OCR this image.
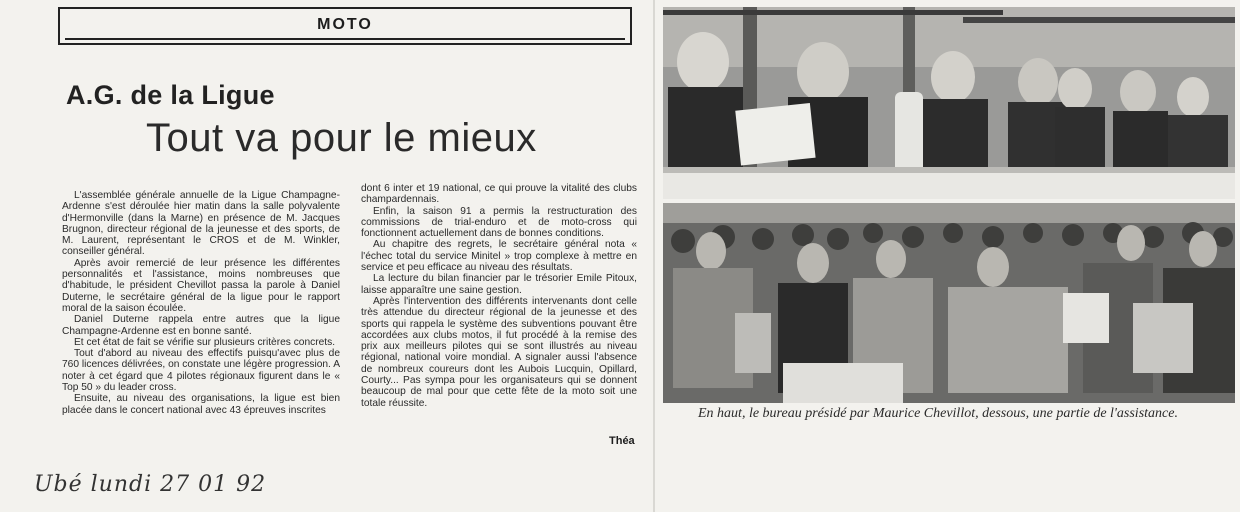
MOTO
A.G. de la Ligue
Tout va pour le mieux

L'assemblée générale annuelle de la Ligue Champagne-Ardenne s'est déroulée hier matin dans la salle polyvalente d'Hermonville (dans la Marne) en présence de M. Jacques Brugnon, directeur régional de la jeunesse et des sports, de M. Laurent, représentant le CROS et de M. Winkler, conseiller général.

Après avoir remercié de leur présence les différentes personnalités et l'assistance, moins nombreuses que d'habitude, le président Chevillot passa la parole à Daniel Duterne, le secrétaire général de la ligue pour le rapport moral de la saison écoulée.

Daniel Duterne rappela entre autres que la ligue Champagne-Ardenne est en bonne santé.

Et cet état de fait se vérifie sur plusieurs critères concrets.

Tout d'abord au niveau des effectifs puisqu'avec plus de 760 licences délivrées, on constate une légère progression. A noter à cet égard que 4 pilotes régionaux figurent dans le « Top 50 » du leader cross.

Ensuite, au niveau des organisations, la ligue est bien placée dans le concert national avec 43 épreuves inscrites

dont 6 inter et 19 national, ce qui prouve la vitalité des clubs champardennais.

Enfin, la saison 91 a permis la restructuration des commissions de trial-enduro et de moto-cross qui fonctionnent actuellement dans de bonnes conditions.

Au chapitre des regrets, le secrétaire général nota « l'échec total du service Minitel » trop complexe à mettre en service et peu efficace au niveau des résultats.

La lecture du bilan financier par le trésorier Emile Pitoux, laisse apparaître une saine gestion.

Après l'intervention des différents intervenants dont celle très attendue du directeur régional de la jeunesse et des sports qui rappela le système des subventions pouvant être accordées aux clubs motos, il fut procédé à la remise des prix aux meilleurs pilotes qui se sont illustrés au niveau régional, national voire mondial. A signaler aussi l'absence de nombreux coureurs dont les Aubois Lucquin, Opillard, Courty... Pas sympa pour les organisateurs qui se donnent beaucoup de mal pour que cette fête de la moto soit une totale réussite.

Théa
En haut, le bureau présidé par Maurice Chevillot, dessous, une partie de l'assistance.
Ubé lundi 27 01 92
